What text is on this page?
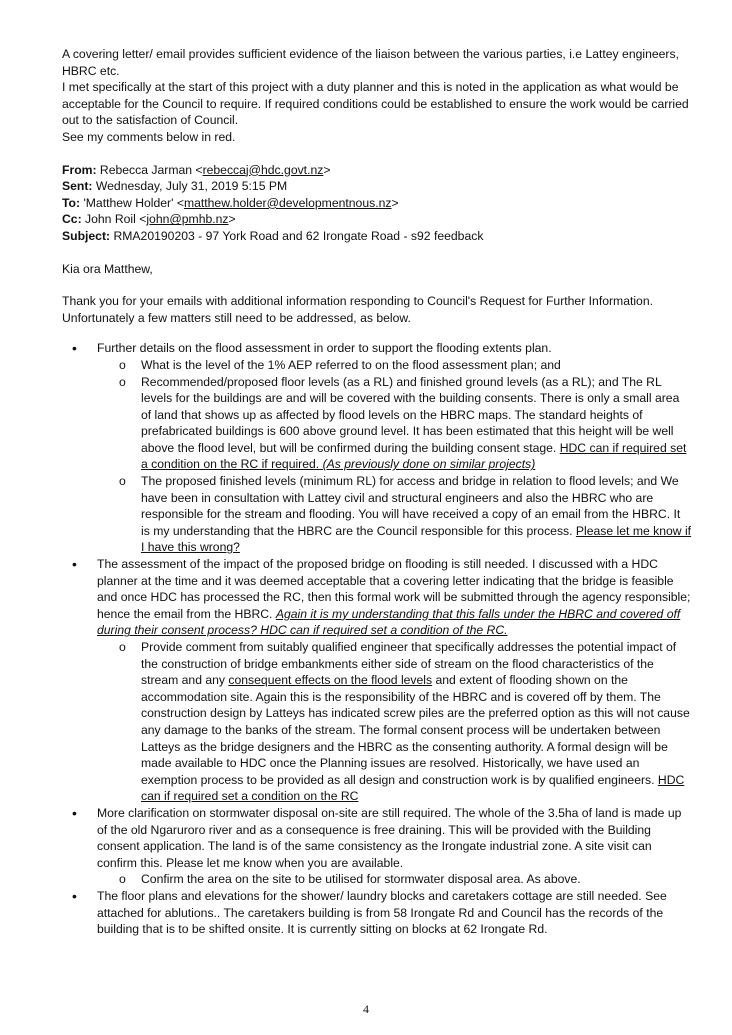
A covering letter/ email provides sufficient evidence of the liaison between the various parties, i.e Lattey engineers, HBRC etc.

I met specifically at the start of this project with a duty planner and this is noted in the application as what would be acceptable for the Council to require. If required conditions could be established to ensure the work would be carried out to the satisfaction of Council.

See my comments below in red.

From: Rebecca Jarman <rebeccaj@hdc.govt.nz>

Sent: Wednesday, July 31, 2019 5:15 PM

To: 'Matthew Holder' <matthew.holder@developmentnous.nz>

Cc: John Roil <john@pmhb.nz>

Subject: RMA20190203 - 97 York Road and 62 Irongate Road - s92 feedback

Kia ora Matthew,

Thank you for your emails with additional information responding to Council's Request for Further Information. Unfortunately a few matters still need to be addressed, as below.

• Further details on the flood assessment in order to support the flooding extents plan.
o What is the level of the 1% AEP referred to on the flood assessment plan; and
o Recommended/proposed floor levels (as a RL) and finished ground levels (as a RL); and The RL levels for the buildings are and will be covered with the building consents. There is only a small area of land that shows up as affected by flood levels on the HBRC maps. The standard heights of prefabricated buildings is 600 above ground level. It has been estimated that this height will be well above the flood level, but will be confirmed during the building consent stage. HDC can if required set a condition on the RC if required. (As previously done on similar projects)
o The proposed finished levels (minimum RL) for access and bridge in relation to flood levels; and We have been in consultation with Lattey civil and structural engineers and also the HBRC who are responsible for the stream and flooding. You will have received a copy of an email from the HBRC. It is my understanding that the HBRC are the Council responsible for this process. Please let me know if I have this wrong?
• The assessment of the impact of the proposed bridge on flooding is still needed. I discussed with a HDC planner at the time and it was deemed acceptable that a covering letter indicating that the bridge is feasible and once HDC has processed the RC, then this formal work will be submitted through the agency responsible; hence the email from the HBRC. Again it is my understanding that this falls under the HBRC and covered off during their consent process? HDC can if required set a condition of the RC.
o Provide comment from suitably qualified engineer that specifically addresses the potential impact of the construction of bridge embankments either side of stream on the flood characteristics of the stream and any consequent effects on the flood levels and extent of flooding shown on the accommodation site. Again this is the responsibility of the HBRC and is covered off by them. The construction design by Latteys has indicated screw piles are the preferred option as this will not cause any damage to the banks of the stream. The formal consent process will be undertaken between Latteys as the bridge designers and the HBRC as the consenting authority. A formal design will be made available to HDC once the Planning issues are resolved. Historically, we have used an exemption process to be provided as all design and construction work is by qualified engineers. HDC can if required set a condition on the RC
• More clarification on stormwater disposal on-site are still required. The whole of the 3.5ha of land is made up of the old Ngaruroro river and as a consequence is free draining. This will be provided with the Building consent application. The land is of the same consistency as the Irongate industrial zone. A site visit can confirm this. Please let me know when you are available.
o Confirm the area on the site to be utilised for stormwater disposal area. As above.
• The floor plans and elevations for the shower/ laundry blocks and caretakers cottage are still needed. See attached for ablutions.. The caretakers building is from 58 Irongate Rd and Council has the records of the building that is to be shifted onsite. It is currently sitting on blocks at 62 Irongate Rd.
4
